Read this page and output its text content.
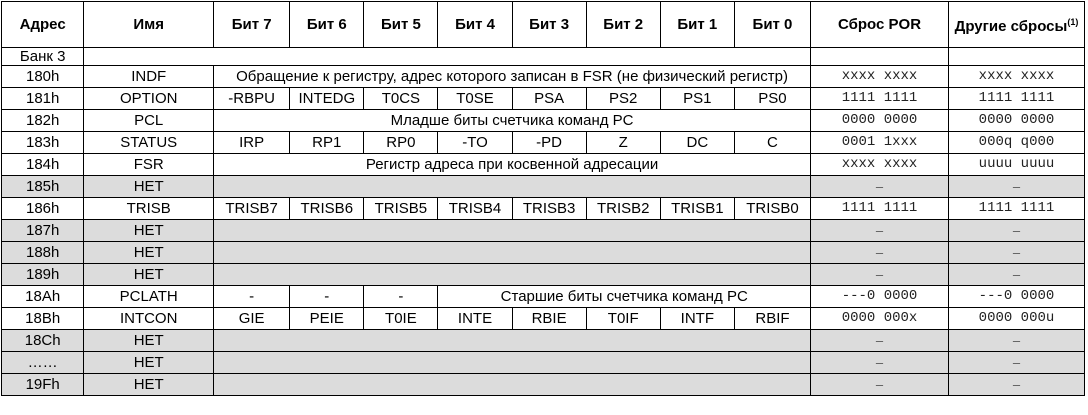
Адрес	Имя	Бит 7	Бит 6	Бит 5	Бит 4	Бит 3	Бит 2	Бит 1	Бит 0	Сброс POR	Другие сбросы$^{(1)}$
Банк 3											
180h	INDF	Обращение к регистру, адрес которого записан в FSR (не физический регистр)								xxxx xxxx	xxxx xxxx
181h	OPTION	-RBPU	INTEDG	T0CS	T0SE	PSA	PS2	PS1	PS0	1111 1111	1111 1111
182h	PCL	Младше биты счетчика команд PC								0000 0000	0000 0000
183h	STATUS	IRP	RP1	RP0	-TO	-PD	Z	DC	C	0001 1xxx	000q q000
184h	FSR	Регистр адреса при косвенной адресации								xxxx xxxx	uuuu uuuu
185h	НЕТ									–	–
186h	TRISB	TRISB7	TRISB6	TRISB5	TRISB4	TRISB3	TRISB2	TRISB1	TRISB0	1111 1111	1111 1111
187h	НЕТ									–	–
188h	НЕТ									–	–
189h	НЕТ									–	–
18Ah	PCLATH	-	-	-	Старшие биты счетчика команд PC					---0 0000	---0 0000
18Bh	INTCON	GIE	PEIE	T0IE	INTE	RBIE	T0IF	INTF	RBIF	0000 000x	0000 000u
18Ch	НЕТ									–	–
……	НЕТ									–	–
19Fh	НЕТ									–	–
